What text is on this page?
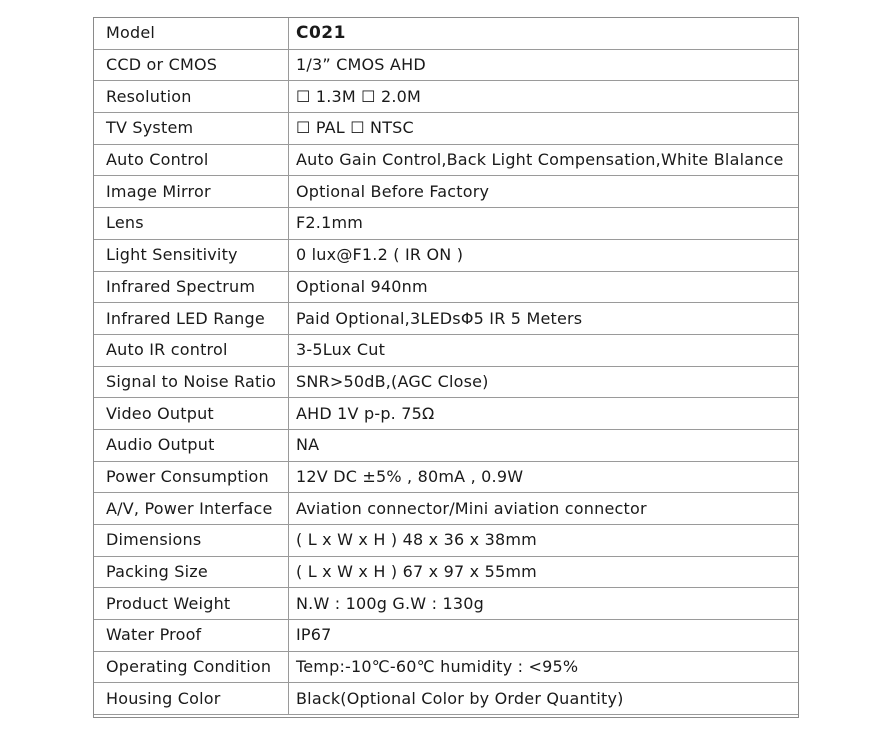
Model	C021
CCD or CMOS	1/3” CMOS AHD
Resolution	☐ 1.3M ☐ 2.0M
TV System	☐ PAL ☐ NTSC
Auto Control	Auto Gain Control,Back Light Compensation,White Blalance
Image Mirror	Optional Before Factory
Lens	F2.1mm
Light Sensitivity	0 lux@F1.2 ( IR ON )
Infrared Spectrum	Optional 940nm
Infrared LED Range	Paid Optional,3LEDsΦ5 IR 5 Meters
Auto IR control	3-5Lux Cut
Signal to Noise Ratio	SNR>50dB,(AGC Close)
Video Output	AHD 1V p-p. 75Ω
Audio Output	NA
Power Consumption	12V DC ±5% , 80mA , 0.9W
A/V, Power Interface	Aviation connector/Mini aviation connector
Dimensions	( L x W x H ) 48 x 36 x 38mm
Packing Size	( L x W x H ) 67 x 97 x 55mm
Product Weight	N.W : 100g G.W : 130g
Water Proof	IP67
Operating Condition	Temp:-10℃-60℃ humidity : <95%
Housing Color	Black(Optional Color by Order Quantity)
